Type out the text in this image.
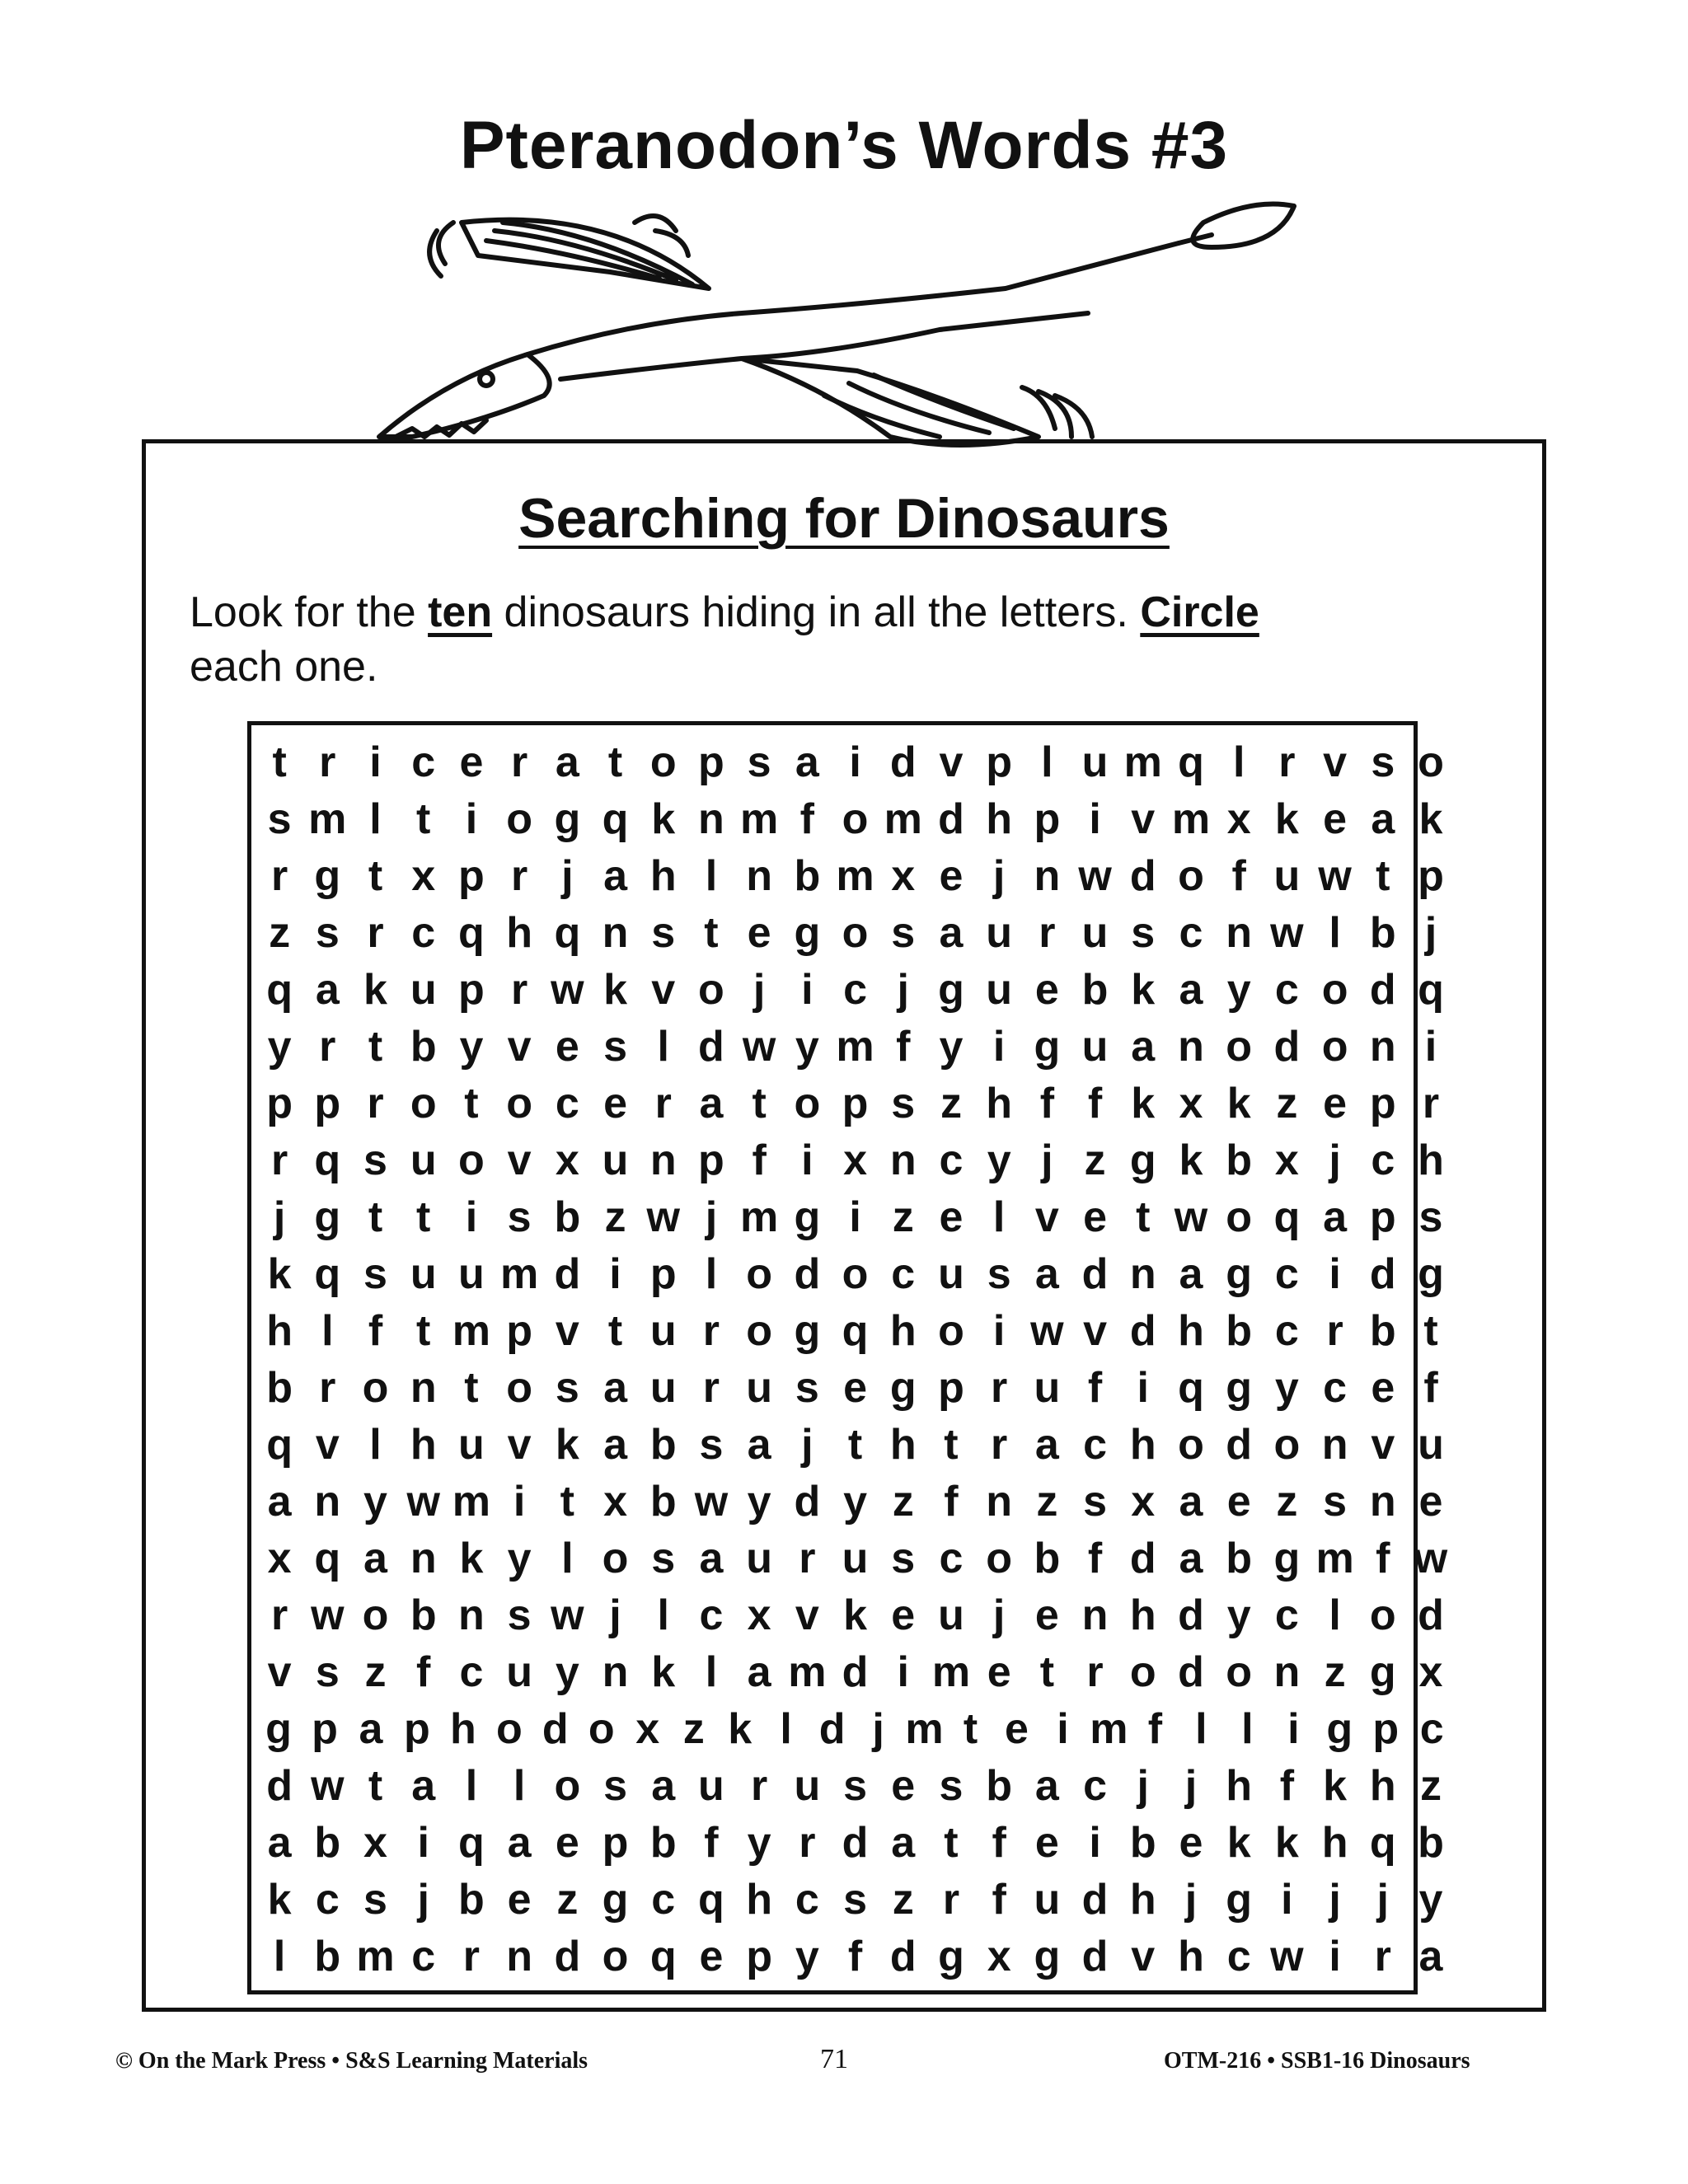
Pteranodon’s Words #3
Searching for Dinosaurs
Look for the ten dinosaurs hiding in all the letters. Circle
each one.
t r i c e r a t o p s a i d v p l u m q l r v s o
s m l t i o g q k n m f o m d h p i v m x k e a k
r g t x p r j a h l n b m x e j n w d o f u w t p
z s r c q h q n s t e g o s a u r u s c n w l b j
q a k u p r w k v o j i c j g u e b k a y c o d q
y r t b y v e s l d w y m f y i g u a n o d o n i
p p r o t o c e r a t o p s z h f f k x k z e p r
r q s u o v x u n p f i x n c y j z g k b x j c h
j g t t i s b z w j m g i z e l v e t w o q a p s
k q s u u m d i p l o d o c u s a d n a g c i d g
h l f t m p v t u r o g q h o i w v d h b c r b t
b r o n t o s a u r u s e g p r u f i q g y c e f
q v l h u v k a b s a j t h t r a c h o d o n v u
a n y w m i t x b w y d y z f n z s x a e z s n e
x q a n k y l o s a u r u s c o b f d a b g m f w
r w o b n s w j l c x v k e u j e n h d y c l o d
v s z f c u y n k l a m d i m e t r o d o n z g x
g p a p h o d o x z k l d j m t e i m f l l i g p c
d w t a l l o s a u r u s e s b a c j j h f k h z
a b x i q a e p b f y r d a t f e i b e k k h q b
k c s j b e z g c q h c s z r f u d h j g i j j y
l b m c r n d o q e p y f d g x g d v h c w i r a
© On the Mark Press • S&S Learning Materials	71	OTM-216 • SSB1-16 Dinosaurs
